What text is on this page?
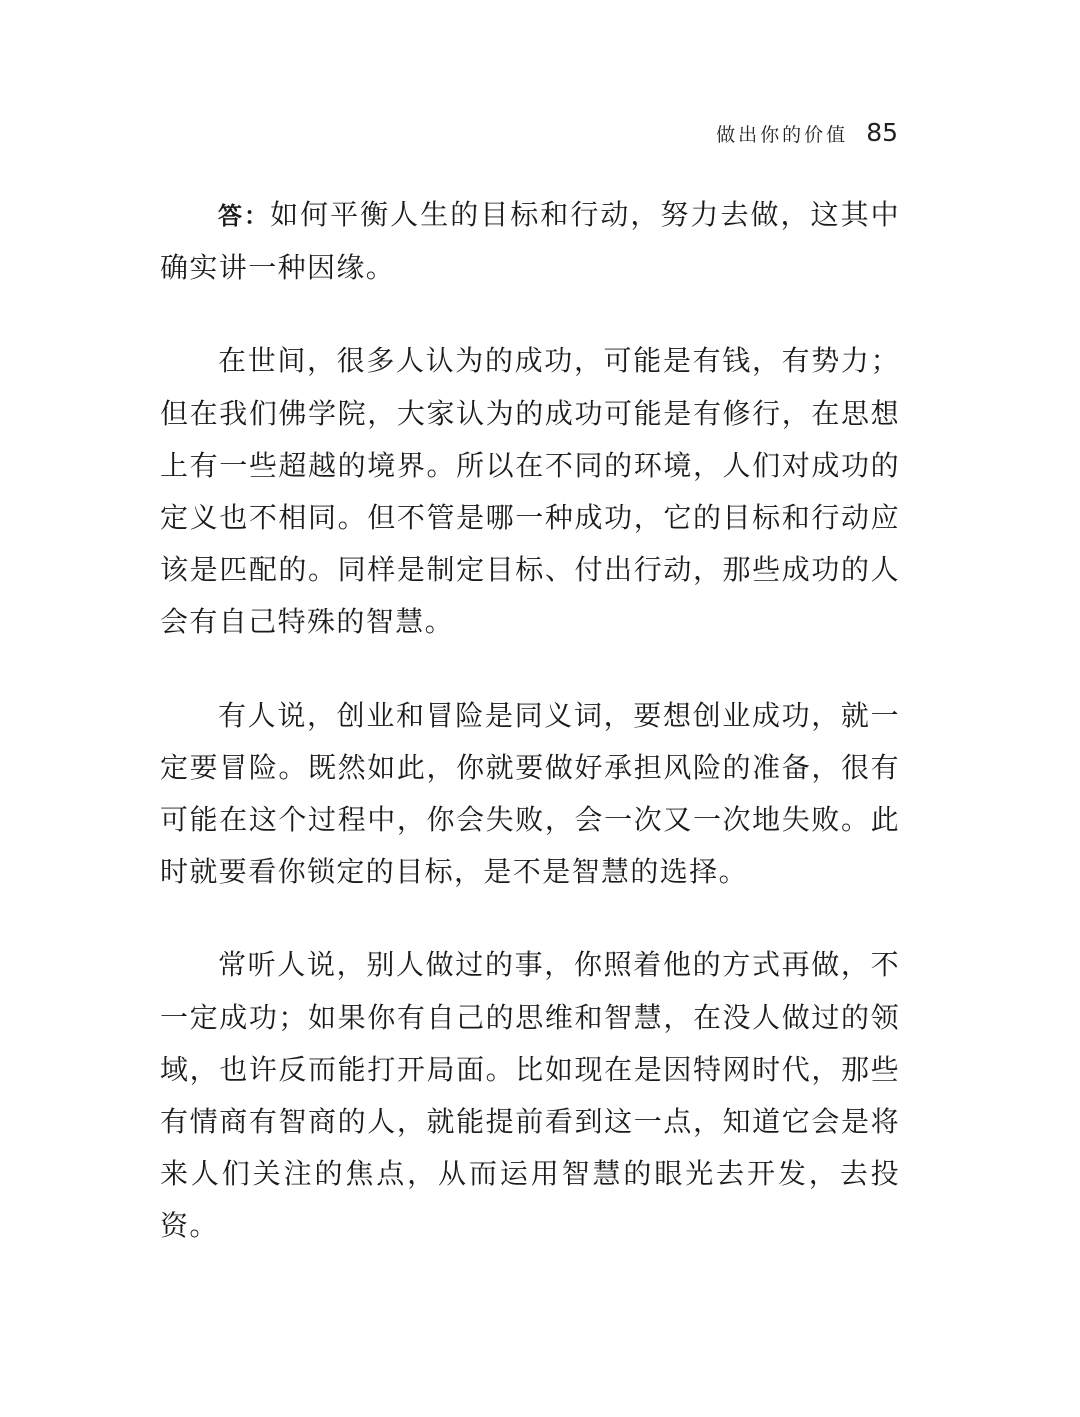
做出你的价值 85

答：如何平衡人生的目标和行动，努力去做，这其中确实讲一种因缘。

在世间，很多人认为的成功，可能是有钱，有势力；但在我们佛学院，大家认为的成功可能是有修行，在思想上有一些超越的境界。所以在不同的环境，人们对成功的定义也不相同。但不管是哪一种成功，它的目标和行动应该是匹配的。同样是制定目标、付出行动，那些成功的人会有自己特殊的智慧。

有人说，创业和冒险是同义词，要想创业成功，就一定要冒险。既然如此，你就要做好承担风险的准备，很有可能在这个过程中，你会失败，会一次又一次地失败。此时就要看你锁定的目标，是不是智慧的选择。

常听人说，别人做过的事，你照着他的方式再做，不一定成功；如果你有自己的思维和智慧，在没人做过的领域，也许反而能打开局面。比如现在是因特网时代，那些有情商有智商的人，就能提前看到这一点，知道它会是将来人们关注的焦点，从而运用智慧的眼光去开发，去投资。
